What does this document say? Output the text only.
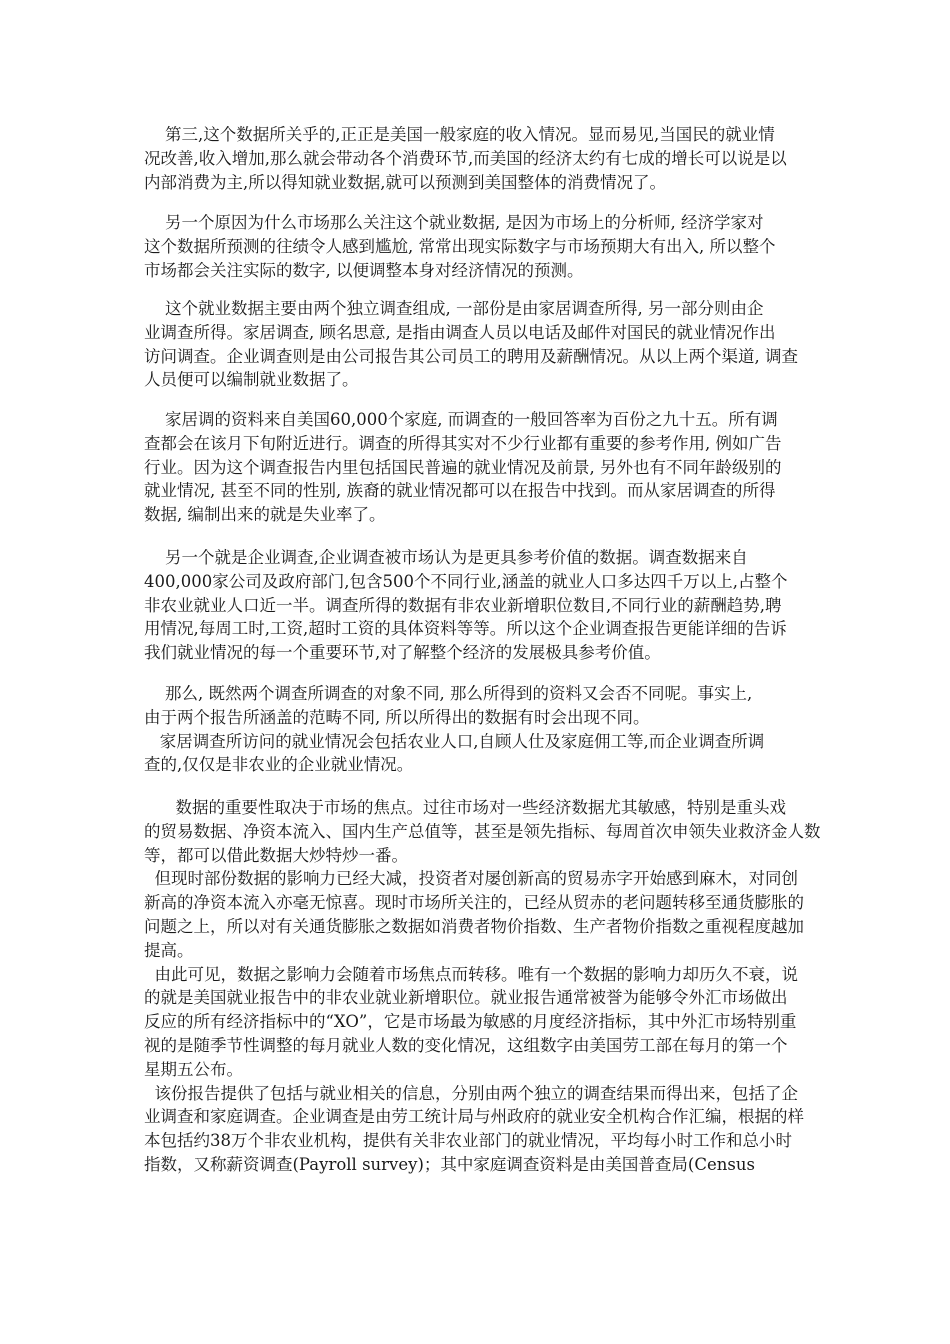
第三,这个数据所关乎的,正正是美国一般家庭的收入情况。显而易见,当国民的就业情
况改善,收入增加,那么就会带动各个消费环节,而美国的经济太约有七成的增长可以说是以
内部消费为主,所以得知就业数据,就可以预测到美国整体的消费情况了。
另一个原因为什么市场那么关注这个就业数据, 是因为市场上的分析师, 经济学家对
这个数据所预测的往绩令人感到尴尬, 常常出现实际数字与市场预期大有出入, 所以整个
市场都会关注实际的数字, 以便调整本身对经济情况的预测。
这个就业数据主要由两个独立调查组成, 一部份是由家居调查所得, 另一部分则由企
业调查所得。家居调查, 顾名思意, 是指由调查人员以电话及邮件对国民的就业情况作出
访问调查。企业调查则是由公司报告其公司员工的聘用及薪酬情况。从以上两个渠道, 调查
人员便可以编制就业数据了。
家居调的资料来自美国60,000个家庭, 而调查的一般回答率为百份之九十五。所有调
查都会在该月下旬附近进行。调查的所得其实对不少行业都有重要的参考作用, 例如广告
行业。因为这个调查报告内里包括国民普遍的就业情况及前景, 另外也有不同年龄级别的
就业情况, 甚至不同的性别, 族裔的就业情况都可以在报告中找到。而从家居调查的所得
数据, 编制出来的就是失业率了。
另一个就是企业调查,企业调查被市场认为是更具参考价值的数据。调查数据来自
400,000家公司及政府部门,包含500个不同行业,涵盖的就业人口多达四千万以上,占整个
非农业就业人口近一半。调查所得的数据有非农业新增职位数目,不同行业的薪酬趋势,聘
用情况,每周工时,工资,超时工资的具体资料等等。所以这个企业调查报告更能详细的告诉
我们就业情况的每一个重要环节,对了解整个经济的发展极具参考价值。
那么, 既然两个调查所调查的对象不同, 那么所得到的资料又会否不同呢。事实上,
由于两个报告所涵盖的范畴不同, 所以所得出的数据有时会出现不同。
家居调查所访问的就业情况会包括农业人口,自顾人仕及家庭佣工等,而企业调查所调
查的,仅仅是非农业的企业就业情况。
数据的重要性取决于市场的焦点。过往市场对一些经济数据尤其敏感，特别是重头戏
的贸易数据、净资本流入、国内生产总值等，甚至是领先指标、每周首次申领失业救济金人数
等，都可以借此数据大炒特炒一番。
但现时部份数据的影响力已经大减，投资者对屡创新高的贸易赤字开始感到麻木，对同创
新高的净资本流入亦毫无惊喜。现时市场所关注的，已经从贸赤的老问题转移至通货膨胀的
问题之上，所以对有关通货膨胀之数据如消费者物价指数、生产者物价指数之重视程度越加
提高。
由此可见，数据之影响力会随着市场焦点而转移。唯有一个数据的影响力却历久不衰，说
的就是美国就业报告中的非农业就业新增职位。就业报告通常被誉为能够令外汇市场做出
反应的所有经济指标中的“XO”，它是市场最为敏感的月度经济指标，其中外汇市场特别重
视的是随季节性调整的每月就业人数的变化情况，这组数字由美国劳工部在每月的第一个
星期五公布。
该份报告提供了包括与就业相关的信息，分别由两个独立的调查结果而得出来，包括了企
业调查和家庭调查。企业调查是由劳工统计局与州政府的就业安全机构合作汇编，根据的样
本包括约38万个非农业机构，提供有关非农业部门的就业情况，平均每小时工作和总小时
指数，又称薪资调查(Payroll survey)；其中家庭调查资料是由美国普查局(Census
